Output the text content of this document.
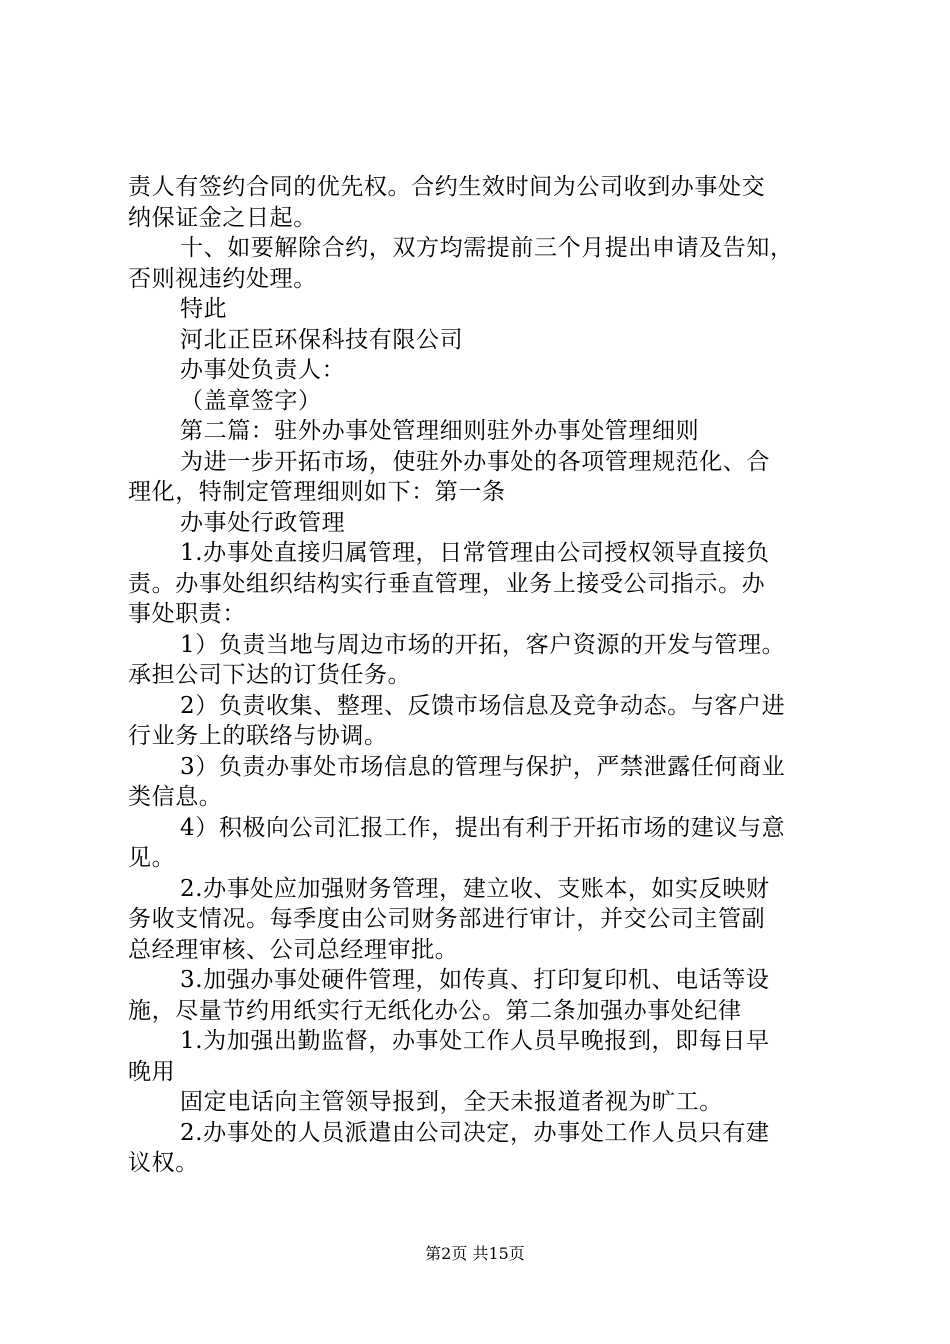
责人有签约合同的优先权。合约生效时间为公司收到办事处交

纳保证金之日起。

十、如要解除合约，双方均需提前三个月提出申请及告知，

否则视违约处理。

特此

河北正臣环保科技有限公司

办事处负责人：

（盖章签字）

第二篇：驻外办事处管理细则驻外办事处管理细则

为进一步开拓市场，使驻外办事处的各项管理规范化、合

理化，特制定管理细则如下：第一条

办事处行政管理

1.办事处直接归属管理，日常管理由公司授权领导直接负

责。办事处组织结构实行垂直管理，业务上接受公司指示。办

事处职责：

1）负责当地与周边市场的开拓，客户资源的开发与管理。

承担公司下达的订货任务。

2）负责收集、整理、反馈市场信息及竞争动态。与客户进

行业务上的联络与协调。

3）负责办事处市场信息的管理与保护，严禁泄露任何商业

类信息。

4）积极向公司汇报工作，提出有利于开拓市场的建议与意

见。

2.办事处应加强财务管理，建立收、支账本，如实反映财

务收支情况。每季度由公司财务部进行审计，并交公司主管副

总经理审核、公司总经理审批。

3.加强办事处硬件管理，如传真、打印复印机、电话等设

施，尽量节约用纸实行无纸化办公。第二条加强办事处纪律

1.为加强出勤监督，办事处工作人员早晚报到，即每日早

晚用

固定电话向主管领导报到，全天未报道者视为旷工。

2.办事处的人员派遣由公司决定，办事处工作人员只有建

议权。

第2页 共15页
